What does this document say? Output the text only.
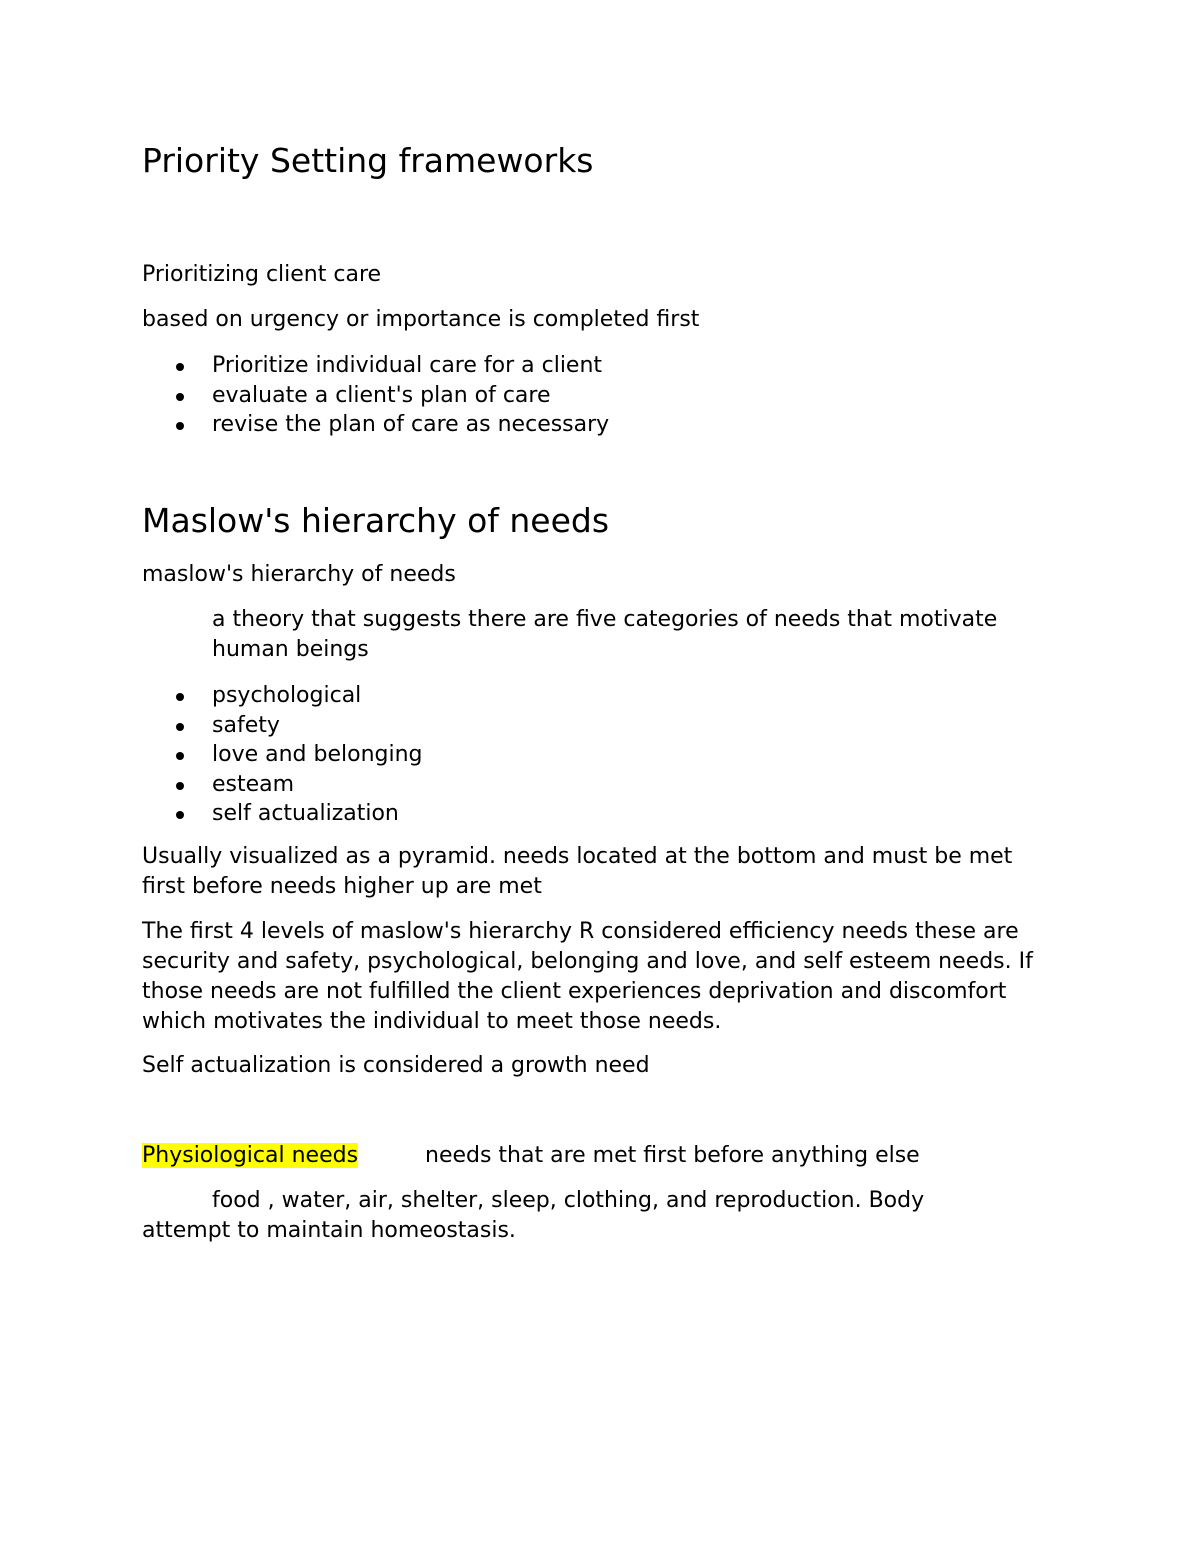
Priority Setting frameworks

Prioritizing client care

based on urgency or importance is completed first

Prioritize individual care for a client
evaluate a client's plan of care
revise the plan of care as necessary
Maslow's hierarchy of needs

maslow's hierarchy of needs

a theory that suggests there are five categories of needs that motivate human beings

psychological
safety
love and belonging
esteam
self actualization

Usually visualized as a pyramid. needs located at the bottom and must be met first before needs higher up are met

The first 4 levels of maslow's hierarchy R considered efficiency needs these are security and safety, psychological, belonging and love, and self esteem needs. If those needs are not fulfilled the client experiences deprivation and discomfort which motivates the individual to meet those needs.

Self actualization is considered a growth need

Physiological needs	needs that are met first before anything else

food , water, air, shelter, sleep, clothing, and reproduction. Body

attempt to maintain homeostasis.
